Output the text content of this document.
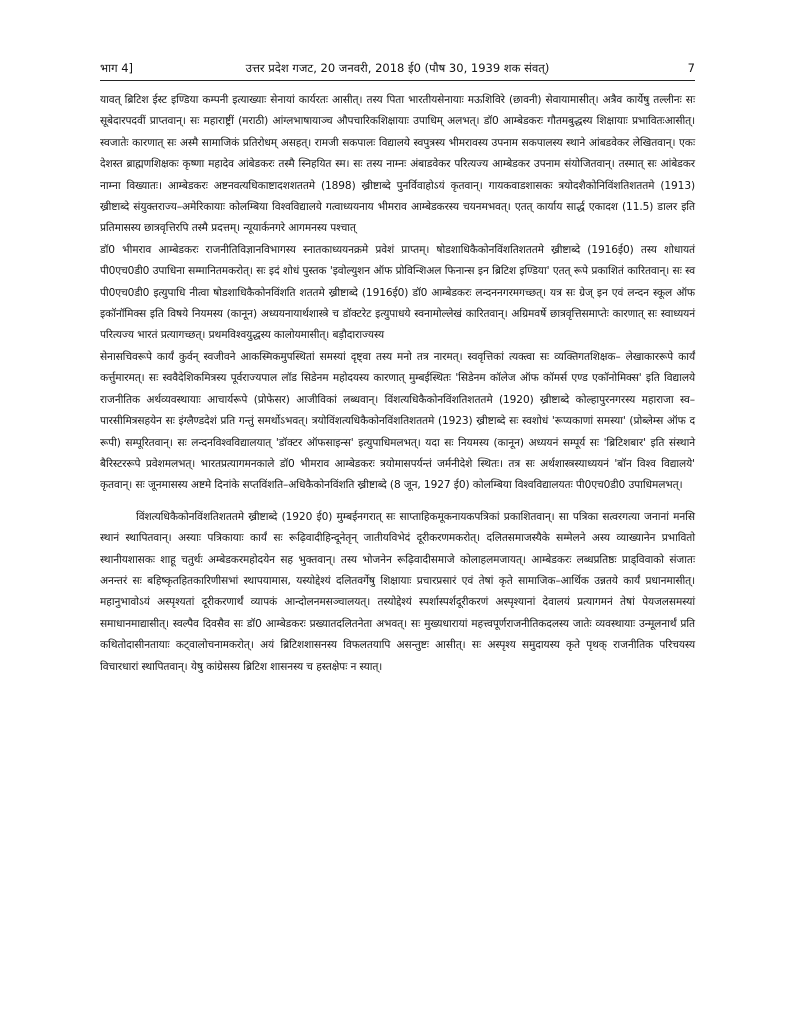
भाग 4]	उत्तर प्रदेश गजट, 20 जनवरी, 2018 ई0 (पौष 30, 1939 शक संवत्)	7

यावत् ब्रिटिश ईस्ट इण्डिया कम्पनी इत्याख्याः सेनायां कार्यरतः आसीत्। तस्य पिता भारतीयसेनायाः मऊशिविरे (छावनी) सेवायामासीत्। अत्रैव कार्येषु तल्लीनः सः सूबेदारपदवीं प्राप्तवान्। सः महाराष्ट्रीं (मराठी) आंग्लभाषायाञ्च औपचारिकशिक्षायाः उपाधिम् अलभत्। डॉ0 आम्बेडकरः गौतमबुद्धस्य शिक्षायाः प्रभावितःआसीत्। स्वजातेः कारणात् सः अस्मै सामाजिकं प्रतिरोधम् असहत्। रामजी सकपालः विद्यालये स्वपुत्रस्य भीमरावस्य उपनाम सकपालस्य स्थाने आंबडवेकर लेखितवान्। एकः देशस्त ब्राह्मणशिक्षकः कृष्णा महादेव आंबेडकरः तस्मै स्निहयित स्म। सः तस्य नाम्नः अंबाडवेकर परित्यज्य आम्बेडकर उपनाम संयोजितवान्। तस्मात् सः आंबेडकर नाम्ना विख्यातः। आम्बेडकरः अष्टनवत्यधिकाष्टादशशततमे (1898) ख्रीष्टाब्दे पुनर्विवाहोऽयं कृतवान्। गायकवाडशासकः त्रयोदशैकोनिविंशतिशततमे (1913) ख्रीष्टाब्दे संयुक्तराज्य–अमेरिकायाः कोलम्बिया विश्वविद्यालये गत्वाध्ययनाय भीमराव आम्बेडकरस्य चयनमभवत्। एतत् कार्याय सार्द्ध एकादश (11.5) डालर इति प्रतिमासस्य छात्रवृत्तिरपि तस्मै प्रदत्तम्। न्यूयार्कनगरे आगमनस्य पश्चात्

डॉ0 भीमराव आम्बेडकरः राजनीतिविज्ञानविभागस्य स्नातकाध्ययनक्रमे प्रवेशं प्राप्तम्। षोडशाधिकैकोनविंशतिशततमे ख्रीष्टाब्दे (1916ई0) तस्य शोधायतं पी0एच0डी0 उपाधिना सम्मानितमकरोत्। सः इदं शोधं पुस्तक 'इवोल्युशन ऑफ प्रोविन्शिअल फिनान्स इन ब्रिटिश इण्डिया' एतत् रूपे प्रकाशितं कारितवान्। सः स्व पी0एच0डी0 इत्युपाधि नीत्वा षोडशाधिकैकोनविंशति शततमे ख्रीष्टाब्दे (1916ई0) डॉ0 आम्बेडकरः लन्दननगरमगच्छत्। यत्र सः ग्रेज् इन एवं लन्दन स्कूल ऑफ इकॉनॉमिक्स इति विषये नियमस्य (कानून) अध्ययनायार्थशास्त्रे च डॉक्टरेट इत्युपाधये स्वनामोल्लेखं कारितवान्। अग्रिमवर्षे छात्रवृत्तिसमाप्तेः कारणात् सः स्वाध्ययनं परित्यज्य भारतं प्रत्यागच्छत्। प्रथमविश्वयुद्धस्य कालोयमासीत्। बड़ौदाराज्यस्य

सेनासचिवरूपे कार्यं कुर्वन् स्वजीवने आकस्मिकमुपस्थितां समस्यां दृष्ट्वा तस्य मनो तत्र नारमत्। स्ववृत्तिकां त्यक्त्वा सः व्यक्तिगतशिक्षक– लेखाकाररूपे कार्यं कर्त्तुमारमत्। सः स्ववैदेशिकमित्रस्य पूर्वराज्यपाल लॉड सिडेनम महोदयस्य कारणात् मुम्बईस्थितः 'सिडेनम कॉलेज ऑफ कॉमर्स एण्ड एकॉनोमिक्स' इति विद्यालये राजनीतिक अर्थव्यवस्थायाः आचार्यरूपे (प्रोफेसर) आजीविकां लब्धवान्। विंशत्यधिकैकोनविंशतिशततमे (1920) ख्रीष्टाब्दे कोल्हापुरनगरस्य महाराजा स्व– पारसीमित्रसहयेन सः इंग्लैण्डदेशं प्रति गन्तुं समर्थोऽभवत्। त्रयोविंशत्यधिकैकोनविंशतिशततमे (1923) ख्रीष्टाब्दे सः स्वशोधं 'रूप्यकाणां समस्या' (प्रोब्लेम्स ऑफ द रूपी) सम्पूरितवान्। सः लन्दनविश्वविद्यालयात् 'डॉक्टर ऑफसाइन्स' इत्युपाधिमलभत्। यदा सः नियमस्य (कानून) अध्ययनं सम्पूर्य सः 'ब्रिटिशबार' इति संस्थाने बैरिस्टररूपे प्रवेशमलभत्। भारतप्रत्यागमनकाले डॉ0 भीमराव आम्बेडकरः त्रयोमासपर्यन्तं जर्मनीदेशे स्थितः। तत्र सः अर्थशास्त्रस्याध्ययनं 'बॉन विश्व विद्यालये' कृतवान्। सः जूनमासस्य अष्टमे दिनांके सप्तविंशति–अधिकैकोनविंशति ख्रीष्टाब्दे (8 जून, 1927 ई0) कोलम्बिया विश्वविद्यालयतः पी0एच0डी0 उपाधिमलभत्।

विंशत्यधिकैकोनविंशतिशततमे ख्रीष्टाब्दे (1920 ई0) मुम्बईनगरात् सः साप्ताहिकमूकनायकपत्रिकां प्रकाशितवान्। सा पत्रिका सत्वरगत्या जनानां मनसि स्थानं स्थापितवान्। अस्याः पत्रिकायाः कार्यं सः रूढ़िवादीहिन्दूनेतृन् जातीयविभेदं दूरीकरणमकरोत्। दलितसमाजस्यैके सम्मेलने अस्य व्याख्यानेन प्रभावितो स्थानीयशासकः शाहू चतुर्थः अम्बेडकरमहोदयेन सह भुक्तवान्। तस्य भोजनेन रूढ़िवादीसमाजे कोलाहलमजायत्। आम्बेडकरः लब्धप्रतिष्ठः प्राड्विवाको संजातः अनन्तरं सः बहिष्कृतहितकारिणीसभां स्थापयामास, यस्योद्देश्यं दलितवर्गेषु शिक्षायाः प्रचारप्रसारं एवं तेषां कृते सामाजिक–आर्थिक उन्नतये कार्यं प्रधानमासीत्। महानुभावोऽयं अस्पृश्यतां दूरीकरणार्थं व्यापकं आन्दोलनमसञ्चालयत्। तस्योद्देश्यं स्पर्शास्पर्शदूरीकरणं अस्पृश्यानां देवालयं प्रत्यागमनं तेषां पेयजलसमस्यां समाधानमाद्यासीत्। स्वल्पैव दिवसैव सः डॉ0 आम्बेडकरः प्रख्यातदलितनेता अभवत्। सः मुख्यधारायां महत्त्वपूर्णराजनीतिकदलस्य जातेः व्यवस्थायाः उन्मूलनार्थं प्रति कथितोदासीनतायाः कट्वालोचनामकरोत्। अयं ब्रिटिशशासनस्य विफलतयापि असन्तुष्टः आसीत्। सः अस्पृश्य समुदायस्य कृते पृथक् राजनीतिक परिचयस्य विचारधारां स्थापितवान्। येषु कांग्रेसस्य ब्रिटिश शासनस्य च हस्तक्षेपः न स्यात्।
